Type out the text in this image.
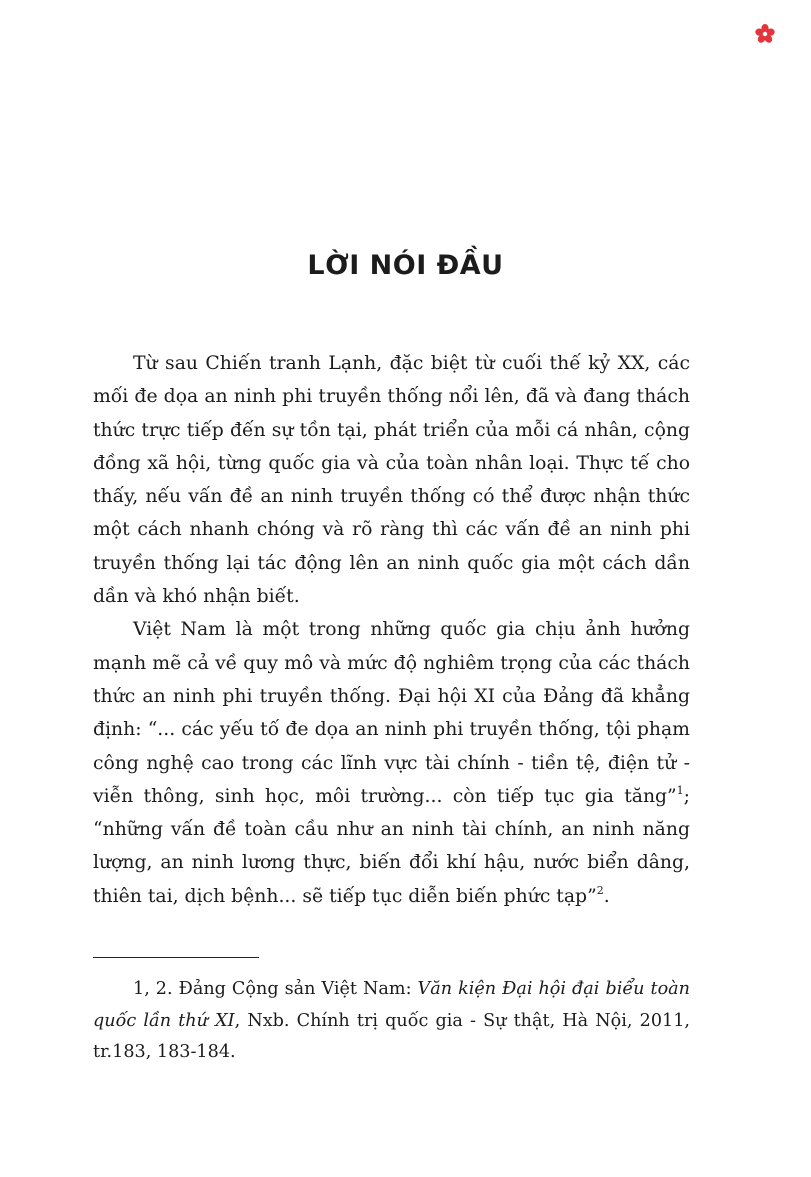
LỜI NÓI ĐẦU

Từ sau Chiến tranh Lạnh, đặc biệt từ cuối thế kỷ XX, các mối đe dọa an ninh phi truyền thống nổi lên, đã và đang thách thức trực tiếp đến sự tồn tại, phát triển của mỗi cá nhân, cộng đồng xã hội, từng quốc gia và của toàn nhân loại. Thực tế cho thấy, nếu vấn đề an ninh truyền thống có thể được nhận thức một cách nhanh chóng và rõ ràng thì các vấn đề an ninh phi truyền thống lại tác động lên an ninh quốc gia một cách dần dần và khó nhận biết.

Việt Nam là một trong những quốc gia chịu ảnh hưởng mạnh mẽ cả về quy mô và mức độ nghiêm trọng của các thách thức an ninh phi truyền thống. Đại hội XI của Đảng đã khẳng định: “... các yếu tố đe dọa an ninh phi truyền thống, tội phạm công nghệ cao trong các lĩnh vực tài chính - tiền tệ, điện tử - viễn thông, sinh học, môi trường... còn tiếp tục gia tăng”$^1$; “những vấn đề toàn cầu như an ninh tài chính, an ninh năng lượng, an ninh lương thực, biến đổi khí hậu, nước biển dâng, thiên tai, dịch bệnh... sẽ tiếp tục diễn biến phức tạp”$^2$.

1, 2. Đảng Cộng sản Việt Nam: Văn kiện Đại hội đại biểu toàn quốc lần thứ XI, Nxb. Chính trị quốc gia - Sự thật, Hà Nội, 2011, tr.183, 183-184.
